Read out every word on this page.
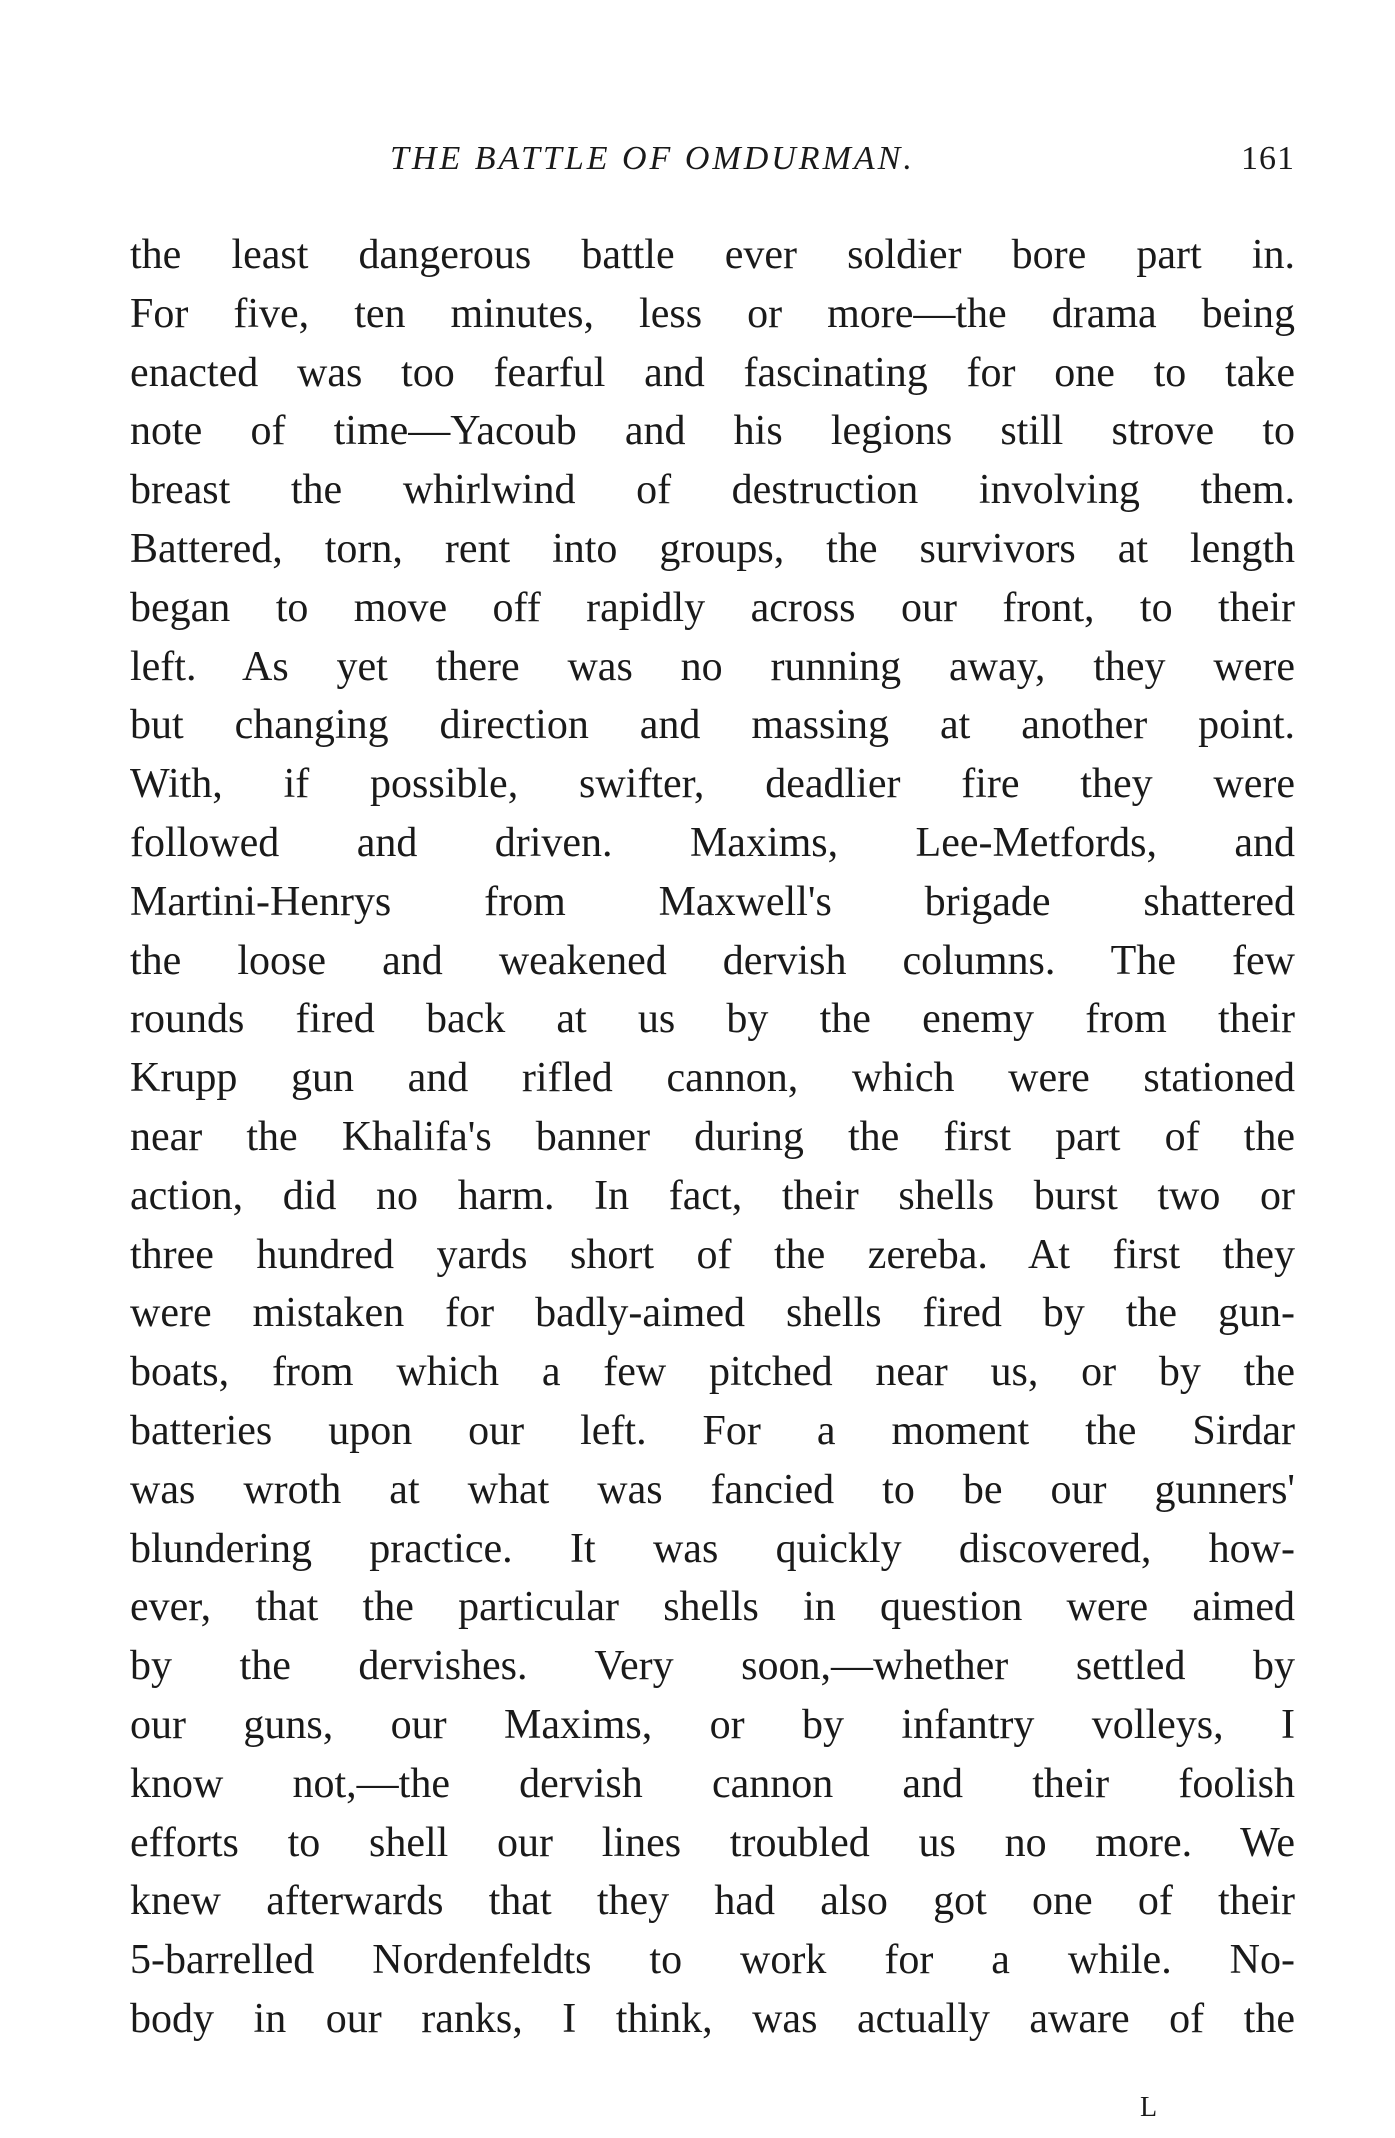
THE BATTLE OF OMDURMAN.	161
the least dangerous battle ever soldier bore part in.
For five, ten minutes, less or more—the drama being
enacted was too fearful and fascinating for one to take
note of time—Yacoub and his legions still strove to
breast the whirlwind of destruction involving them.
Battered, torn, rent into groups, the survivors at length
began to move off rapidly across our front, to their
left. As yet there was no running away, they were
but changing direction and massing at another point.
With, if possible, swifter, deadlier fire they were
followed and driven. Maxims, Lee-Metfords, and
Martini-Henrys from Maxwell's brigade shattered
the loose and weakened dervish columns. The few
rounds fired back at us by the enemy from their
Krupp gun and rifled cannon, which were stationed
near the Khalifa's banner during the first part of the
action, did no harm. In fact, their shells burst two or
three hundred yards short of the zereba. At first they
were mistaken for badly-aimed shells fired by the gun-
boats, from which a few pitched near us, or by the
batteries upon our left. For a moment the Sirdar
was wroth at what was fancied to be our gunners'
blundering practice. It was quickly discovered, how-
ever, that the particular shells in question were aimed
by the dervishes. Very soon,—whether settled by
our guns, our Maxims, or by infantry volleys, I
know not,—the dervish cannon and their foolish
efforts to shell our lines troubled us no more. We
knew afterwards that they had also got one of their
5-barrelled Nordenfeldts to work for a while. No-
body in our ranks, I think, was actually aware of the
L
